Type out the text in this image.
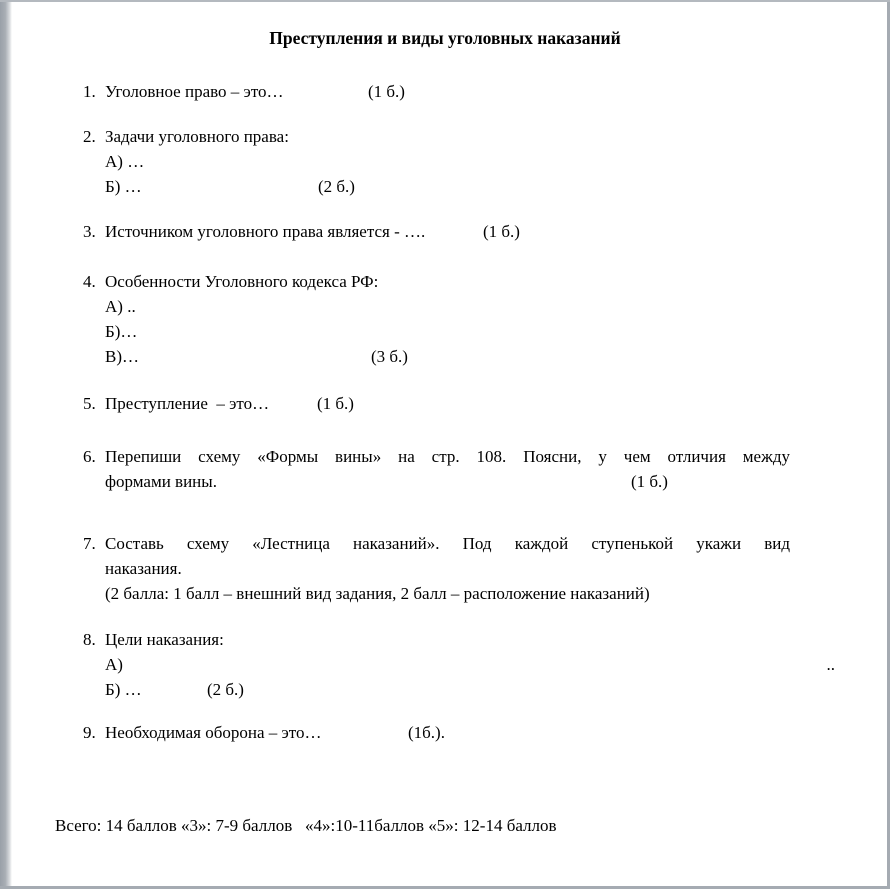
Преступления и виды уголовных наказаний
1. Уголовное право – это…	(1 б.)
2. Задачи уголовного права:
А) …
Б) …	(2 б.)
3. Источником уголовного права является - ….	(1 б.)
4. Особенности Уголовного кодекса РФ:
А) ..
Б)…
В)…	(3 б.)
5. Преступление  – это…	(1 б.)
6. Перепиши схему «Формы вины» на стр. 108. Поясни, у чем отличия между
формами вины.	(1 б.)
7. Составь схему «Лестница наказаний». Под каждой ступенькой укажи вид
наказания.
(2 балла: 1 балл – внешний вид задания, 2 балл – расположение наказаний)
8. Цели наказания:
А)	..
Б) …	(2 б.)
9. Необходимая оборона – это…	(1б.).
Всего: 14 баллов «3»: 7-9 баллов   «4»:10-11баллов «5»: 12-14 баллов
